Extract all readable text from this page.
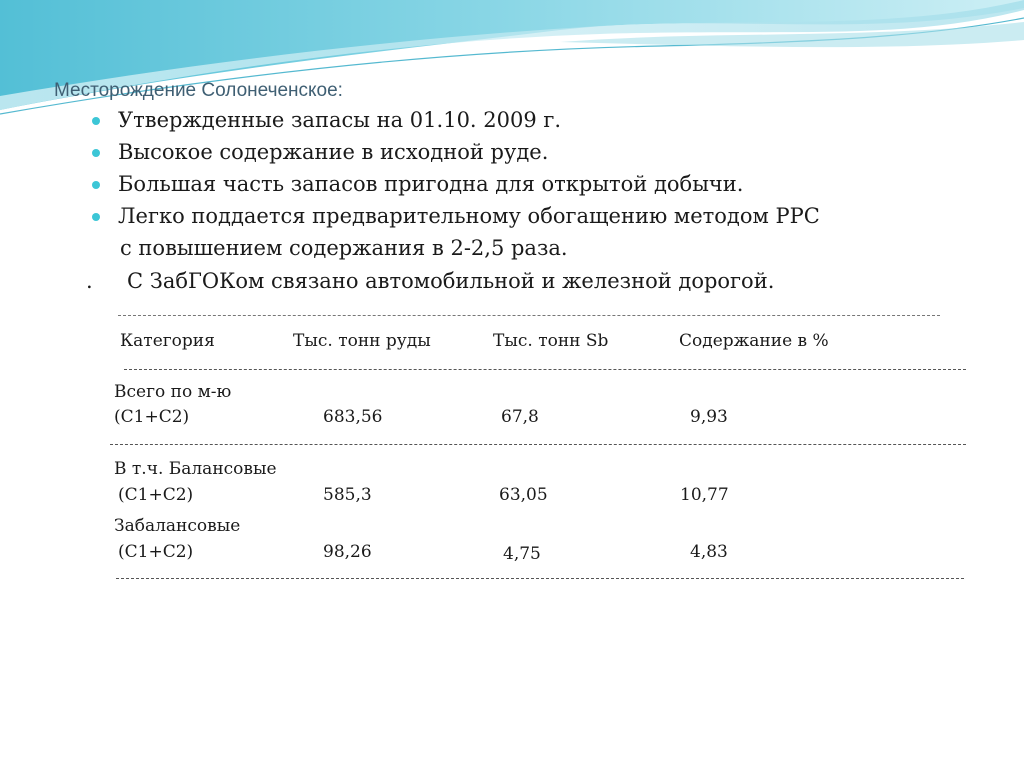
Месторождение Солонеченское:
Утвержденные запасы на 01.10. 2009 г.
Высокое содержание в исходной руде.
Большая часть запасов пригодна для открытой добычи.
Легко поддается предварительному обогащению методом РРС
с повышением содержания в 2-2,5 раза.
. С ЗабГОКом связано автомобильной и железной дорогой.
Категория	Тыс. тонн руды	Тыс. тонн Sb	Содержание в %
Всего по м-ю
(С1+С2)	683,56	67,8	9,93
В т.ч. Балансовые
(С1+С2)	585,3	63,05	10,77
Забалансовые
(С1+С2)	98,26	4,75	4,83
